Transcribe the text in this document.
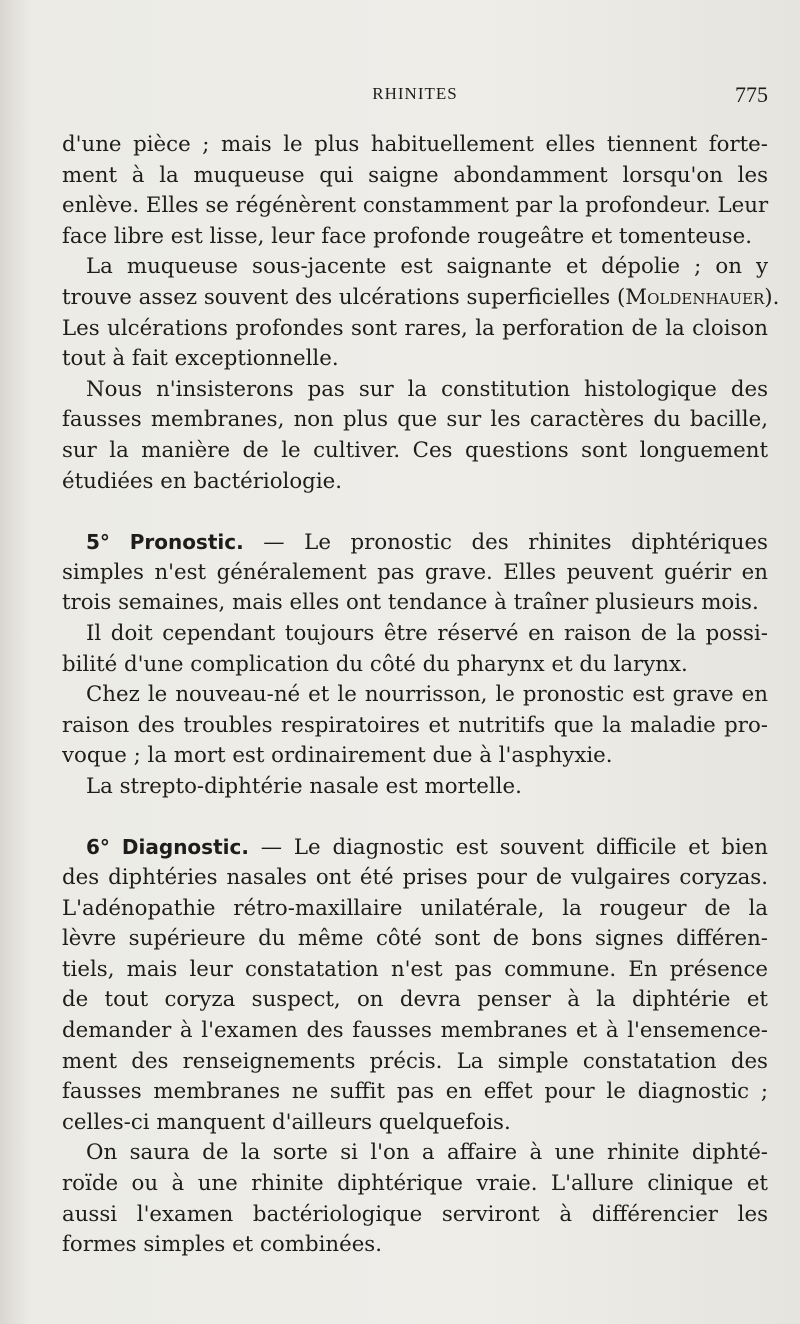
RHINITES	775
d'une pièce ; mais le plus habituellement elles tiennent forte-
ment à la muqueuse qui saigne abondamment lorsqu'on les
enlève. Elles se régénèrent constamment par la profondeur. Leur
face libre est lisse, leur face profonde rougeâtre et tomenteuse.
La muqueuse sous-jacente est saignante et dépolie ; on y
trouve assez souvent des ulcérations superficielles (Moldenhauer).
Les ulcérations profondes sont rares, la perforation de la cloison
tout à fait exceptionnelle.
Nous n'insisterons pas sur la constitution histologique des
fausses membranes, non plus que sur les caractères du bacille,
sur la manière de le cultiver. Ces questions sont longuement
étudiées en bactériologie.
5° Pronostic. — Le pronostic des rhinites diphtériques
simples n'est généralement pas grave. Elles peuvent guérir en
trois semaines, mais elles ont tendance à traîner plusieurs mois.
Il doit cependant toujours être réservé en raison de la possi-
bilité d'une complication du côté du pharynx et du larynx.
Chez le nouveau-né et le nourrisson, le pronostic est grave en
raison des troubles respiratoires et nutritifs que la maladie pro-
voque ; la mort est ordinairement due à l'asphyxie.
La strepto-diphtérie nasale est mortelle.
6° Diagnostic. — Le diagnostic est souvent difficile et bien
des diphtéries nasales ont été prises pour de vulgaires coryzas.
L'adénopathie rétro-maxillaire unilatérale, la rougeur de la
lèvre supérieure du même côté sont de bons signes différen-
tiels, mais leur constatation n'est pas commune. En présence
de tout coryza suspect, on devra penser à la diphtérie et
demander à l'examen des fausses membranes et à l'ensemence-
ment des renseignements précis. La simple constatation des
fausses membranes ne suffit pas en effet pour le diagnostic ;
celles-ci manquent d'ailleurs quelquefois.
On saura de la sorte si l'on a affaire à une rhinite diphté-
roïde ou à une rhinite diphtérique vraie. L'allure clinique et
aussi l'examen bactériologique serviront à différencier les
formes simples et combinées.
